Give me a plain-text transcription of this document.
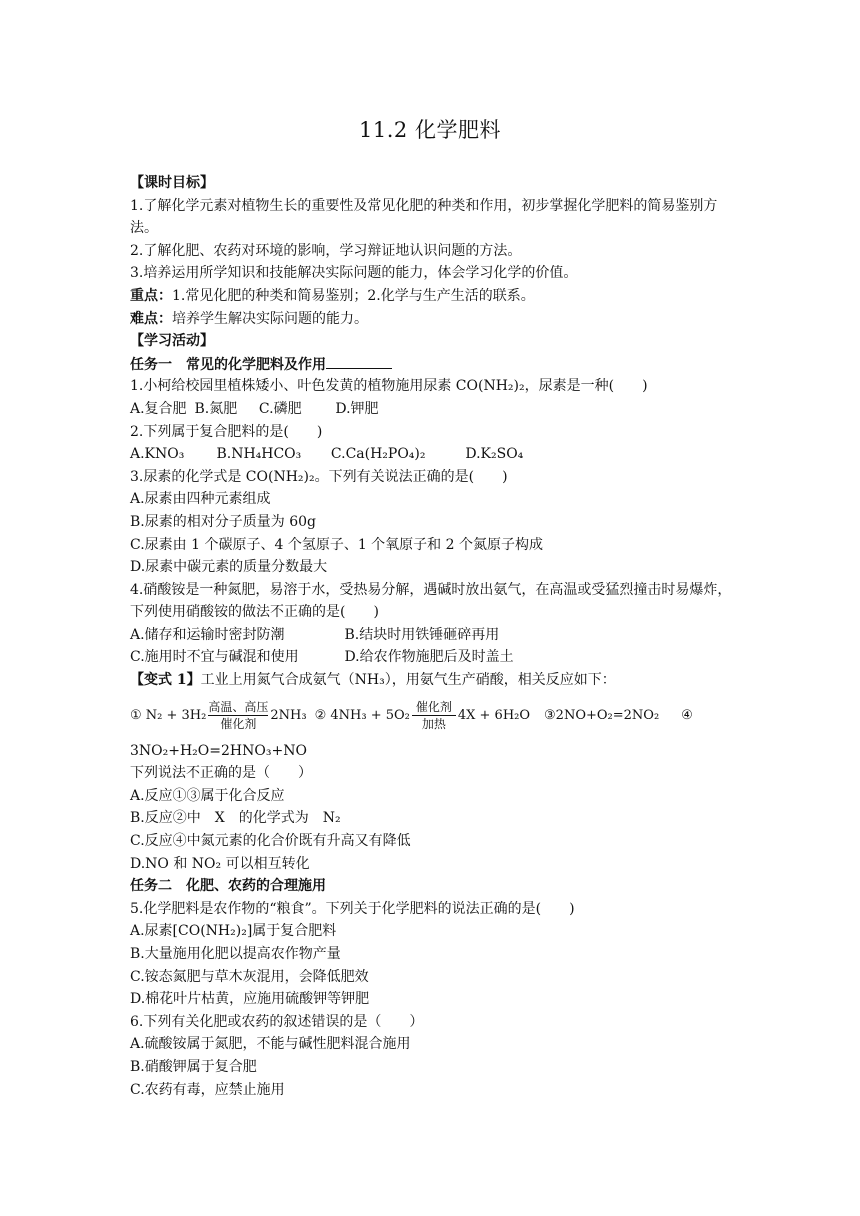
11.2 化学肥料
【课时目标】
1.了解化学元素对植物生长的重要性及常见化肥的种类和作用，初步掌握化学肥料的简易鉴别方法。
2.了解化肥、农药对环境的影响，学习辩证地认识问题的方法。
3.培养运用所学知识和技能解决实际问题的能力，体会学习化学的价值。
重点：1.常见化肥的种类和简易鉴别；2.化学与生产生活的联系。
难点：培养学生解决实际问题的能力。
【学习活动】
任务一　常见的化学肥料及作用
1.小柯给校园里植株矮小、叶色发黄的植物施用尿素 CO(NH₂)₂，尿素是一种(　　)
A.复合肥 B.氮肥 C.磷肥 D.钾肥
2.下列属于复合肥料的是(　　)
A.KNO₃ B.NH₄HCO₃ C.Ca(H₂PO₄)₂	D.K₂SO₄
3.尿素的化学式是 CO(NH₂)₂。下列有关说法正确的是(　　)
A.尿素由四种元素组成
B.尿素的相对分子质量为 60g
C.尿素由 1 个碳原子、4 个氢原子、1 个氧原子和 2 个氮原子构成
D.尿素中碳元素的质量分数最大
4.硝酸铵是一种氮肥，易溶于水，受热易分解，遇碱时放出氨气，在高温或受猛烈撞击时易爆炸，下列使用硝酸铵的做法不正确的是(　　)
A.储存和运输时密封防潮	B.结块时用铁锤砸碎再用
C.施用时不宜与碱混和使用	D.给农作物施肥后及时盖土
【变式 1】工业上用氮气合成氨气（NH₃），用氨气生产硝酸，相关反应如下：
① $N_2 + 3H_2 \frac{\text{高温、高压}}{\text{催化剂}} 2NH_3$ ② $4NH_3 + 5O_2 \frac{\text{催化剂}}{\text{加热}} 4X + 6H_2O$ ③2NO+O₂=2NO₂ ④
3NO₂+H₂O=2HNO₃+NO
下列说法不正确的是（　　）
A.反应①③属于化合反应
B.反应②中　X　的化学式为　N₂
C.反应④中氮元素的化合价既有升高又有降低
D.NO 和 NO₂ 可以相互转化
任务二　化肥、农药的合理施用
5.化学肥料是农作物的“粮食”。下列关于化学肥料的说法正确的是(　　)
A.尿素[CO(NH₂)₂]属于复合肥料
B.大量施用化肥以提高农作物产量
C.铵态氮肥与草木灰混用，会降低肥效
D.棉花叶片枯黄，应施用硫酸钾等钾肥
6.下列有关化肥或农药的叙述错误的是（　　）
A.硫酸铵属于氮肥，不能与碱性肥料混合施用
B.硝酸钾属于复合肥
C.农药有毒，应禁止施用
